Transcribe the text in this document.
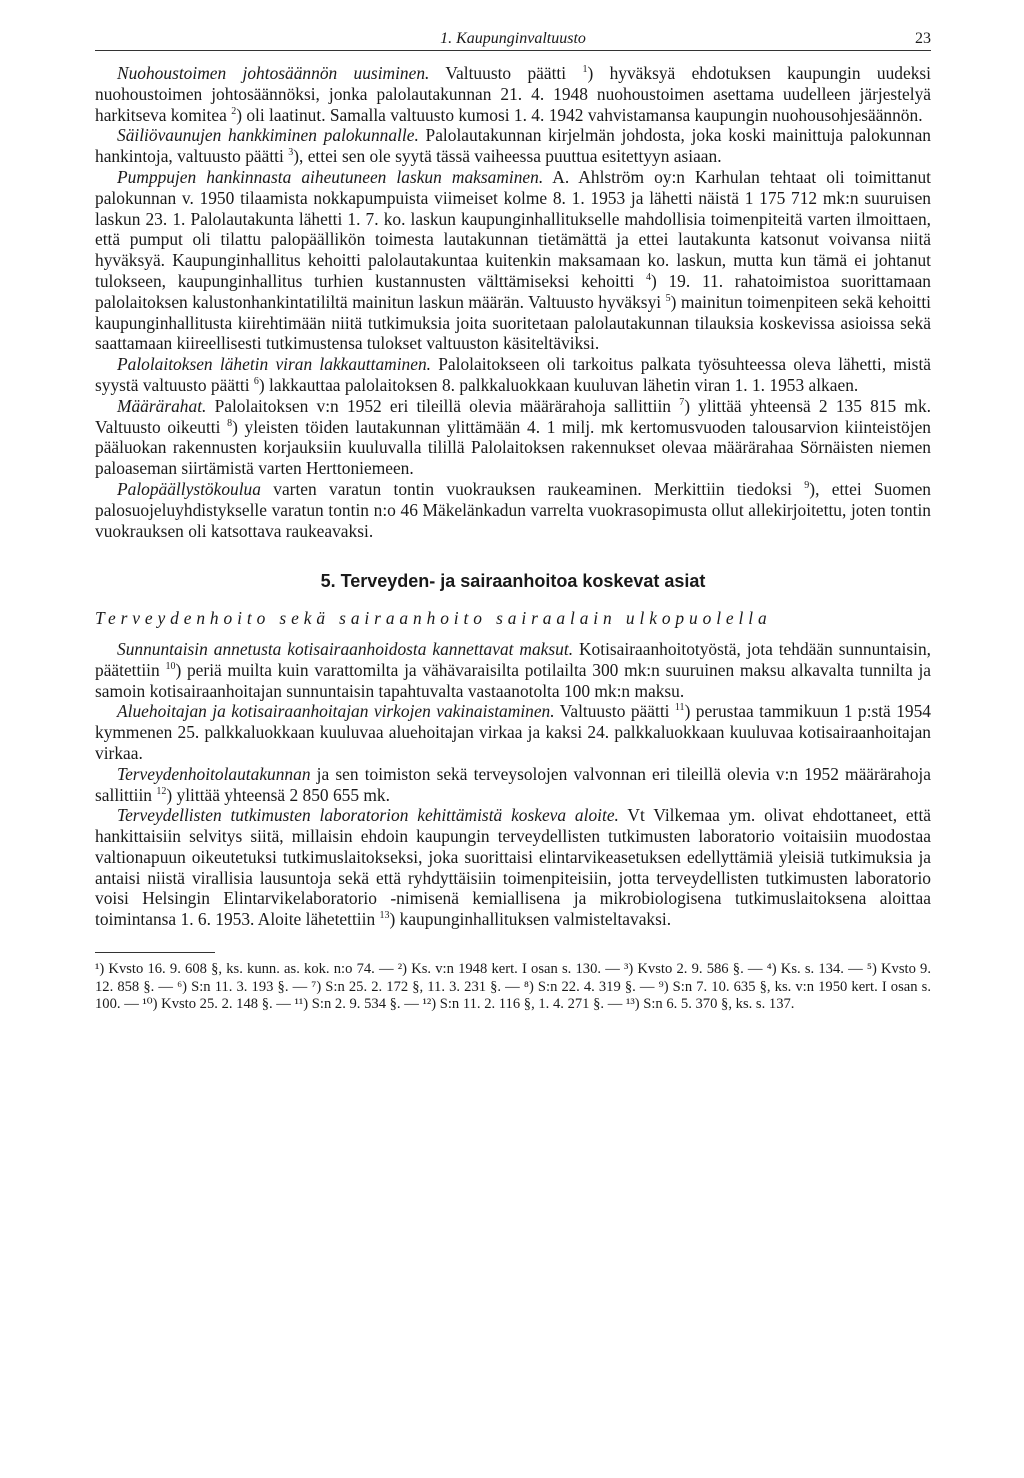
1. Kaupunginvaltuusto	23

Nuohoustoimen johtosäännön uusiminen. Valtuusto päätti $^1$) hyväksyä ehdotuksen kaupungin uudeksi nuohoustoimen johtosäännöksi, jonka palolautakunnan 21. 4. 1948 nuohoustoimen asettama uudelleen järjestelyä harkitseva komitea $^2$) oli laatinut. Samalla valtuusto kumosi 1. 4. 1942 vahvistamansa kaupungin nuohousohjesäännön.

Säiliövaunujen hankkiminen palokunnalle. Palolautakunnan kirjelmän johdosta, joka koski mainittuja palokunnan hankintoja, valtuusto päätti $^3$), ettei sen ole syytä tässä vaiheessa puuttua esitettyyn asiaan.

Pumppujen hankinnasta aiheutuneen laskun maksaminen. A. Ahlström oy:n Karhulan tehtaat oli toimittanut palokunnan v. 1950 tilaamista nokkapumpuista viimeiset kolme 8. 1. 1953 ja lähetti näistä 1 175 712 mk:n suuruisen laskun 23. 1. Palolautakunta lähetti 1. 7. ko. laskun kaupunginhallitukselle mahdollisia toimenpiteitä varten ilmoittaen, että pumput oli tilattu palopäällikön toimesta lautakunnan tietämättä ja ettei lautakunta katsonut voivansa niitä hyväksyä. Kaupunginhallitus kehoitti palolautakuntaa kuitenkin maksamaan ko. laskun, mutta kun tämä ei johtanut tulokseen, kaupunginhallitus turhien kustannusten välttämiseksi kehoitti $^4$) 19. 11. rahatoimistoa suorittamaan palolaitoksen kalustonhankintatililtä mainitun laskun määrän. Valtuusto hyväksyi $^5$) mainitun toimenpiteen sekä kehoitti kaupunginhallitusta kiirehtimään niitä tutkimuksia joita suoritetaan palolautakunnan tilauksia koskevissa asioissa sekä saattamaan kiireellisesti tutkimustensa tulokset valtuuston käsiteltäviksi.

Palolaitoksen lähetin viran lakkauttaminen. Palolaitokseen oli tarkoitus palkata työsuhteessa oleva lähetti, mistä syystä valtuusto päätti $^6$) lakkauttaa palolaitoksen 8. palkkaluokkaan kuuluvan lähetin viran 1. 1. 1953 alkaen.

Määrärahat. Palolaitoksen v:n 1952 eri tileillä olevia määrärahoja sallittiin $^7$) ylittää yhteensä 2 135 815 mk. Valtuusto oikeutti $^8$) yleisten töiden lautakunnan ylittämään 4. 1 milj. mk kertomusvuoden talousarvion kiinteistöjen pääluokan rakennusten korjauksiin kuuluvalla tilillä Palolaitoksen rakennukset olevaa määrärahaa Sörnäisten niemen paloaseman siirtämistä varten Herttoniemeen.

Palopäällystökoulua varten varatun tontin vuokrauksen raukeaminen. Merkittiin tiedoksi $^9$), ettei Suomen palosuojeluyhdistykselle varatun tontin n:o 46 Mäkelänkadun varrelta vuokrasopimusta ollut allekirjoitettu, joten tontin vuokrauksen oli katsottava raukeavaksi.

5. Terveyden- ja sairaanhoitoa koskevat asiat
Terveydenhoito sekä sairaanhoito sairaalain ulkopuolella

Sunnuntaisin annetusta kotisairaanhoidosta kannettavat maksut. Kotisairaanhoitotyöstä, jota tehdään sunnuntaisin, päätettiin $^{10}$) periä muilta kuin varattomilta ja vähävaraisilta potilailta 300 mk:n suuruinen maksu alkavalta tunnilta ja samoin kotisairaanhoitajan sunnuntaisin tapahtuvalta vastaanotolta 100 mk:n maksu.

Aluehoitajan ja kotisairaanhoitajan virkojen vakinaistaminen. Valtuusto päätti $^{11}$) perustaa tammikuun 1 p:stä 1954 kymmenen 25. palkkaluokkaan kuuluvaa aluehoitajan virkaa ja kaksi 24. palkkaluokkaan kuuluvaa kotisairaanhoitajan virkaa.

Terveydenhoitolautakunnan ja sen toimiston sekä terveysolojen valvonnan eri tileillä olevia v:n 1952 määrärahoja sallittiin $^{12}$) ylittää yhteensä 2 850 655 mk.

Terveydellisten tutkimusten laboratorion kehittämistä koskeva aloite. Vt Vilkemaa ym. olivat ehdottaneet, että hankittaisiin selvitys siitä, millaisin ehdoin kaupungin terveydellisten tutkimusten laboratorio voitaisiin muodostaa valtionapuun oikeutetuksi tutkimuslaitokseksi, joka suorittaisi elintarvikeasetuksen edellyttämiä yleisiä tutkimuksia ja antaisi niistä virallisia lausuntoja sekä että ryhdyttäisiin toimenpiteisiin, jotta terveydellisten tutkimusten laboratorio voisi Helsingin Elintarvikelaboratorio -nimisenä kemiallisena ja mikrobiologisena tutkimuslaitoksena aloittaa toimintansa 1. 6. 1953. Aloite lähetettiin $^{13}$) kaupunginhallituksen valmisteltavaksi.

¹) Kvsto 16. 9. 608 §, ks. kunn. as. kok. n:o 74. — ²) Ks. v:n 1948 kert. I osan s. 130. — ³) Kvsto 2. 9. 586 §. — ⁴) Ks. s. 134. — ⁵) Kvsto 9. 12. 858 §. — ⁶) S:n 11. 3. 193 §. — ⁷) S:n 25. 2. 172 §, 11. 3. 231 §. — ⁸) S:n 22. 4. 319 §. — ⁹) S:n 7. 10. 635 §, ks. v:n 1950 kert. I osan s. 100. — ¹⁰) Kvsto 25. 2. 148 §. — ¹¹) S:n 2. 9. 534 §. — ¹²) S:n 11. 2. 116 §, 1. 4. 271 §. — ¹³) S:n 6. 5. 370 §, ks. s. 137.
